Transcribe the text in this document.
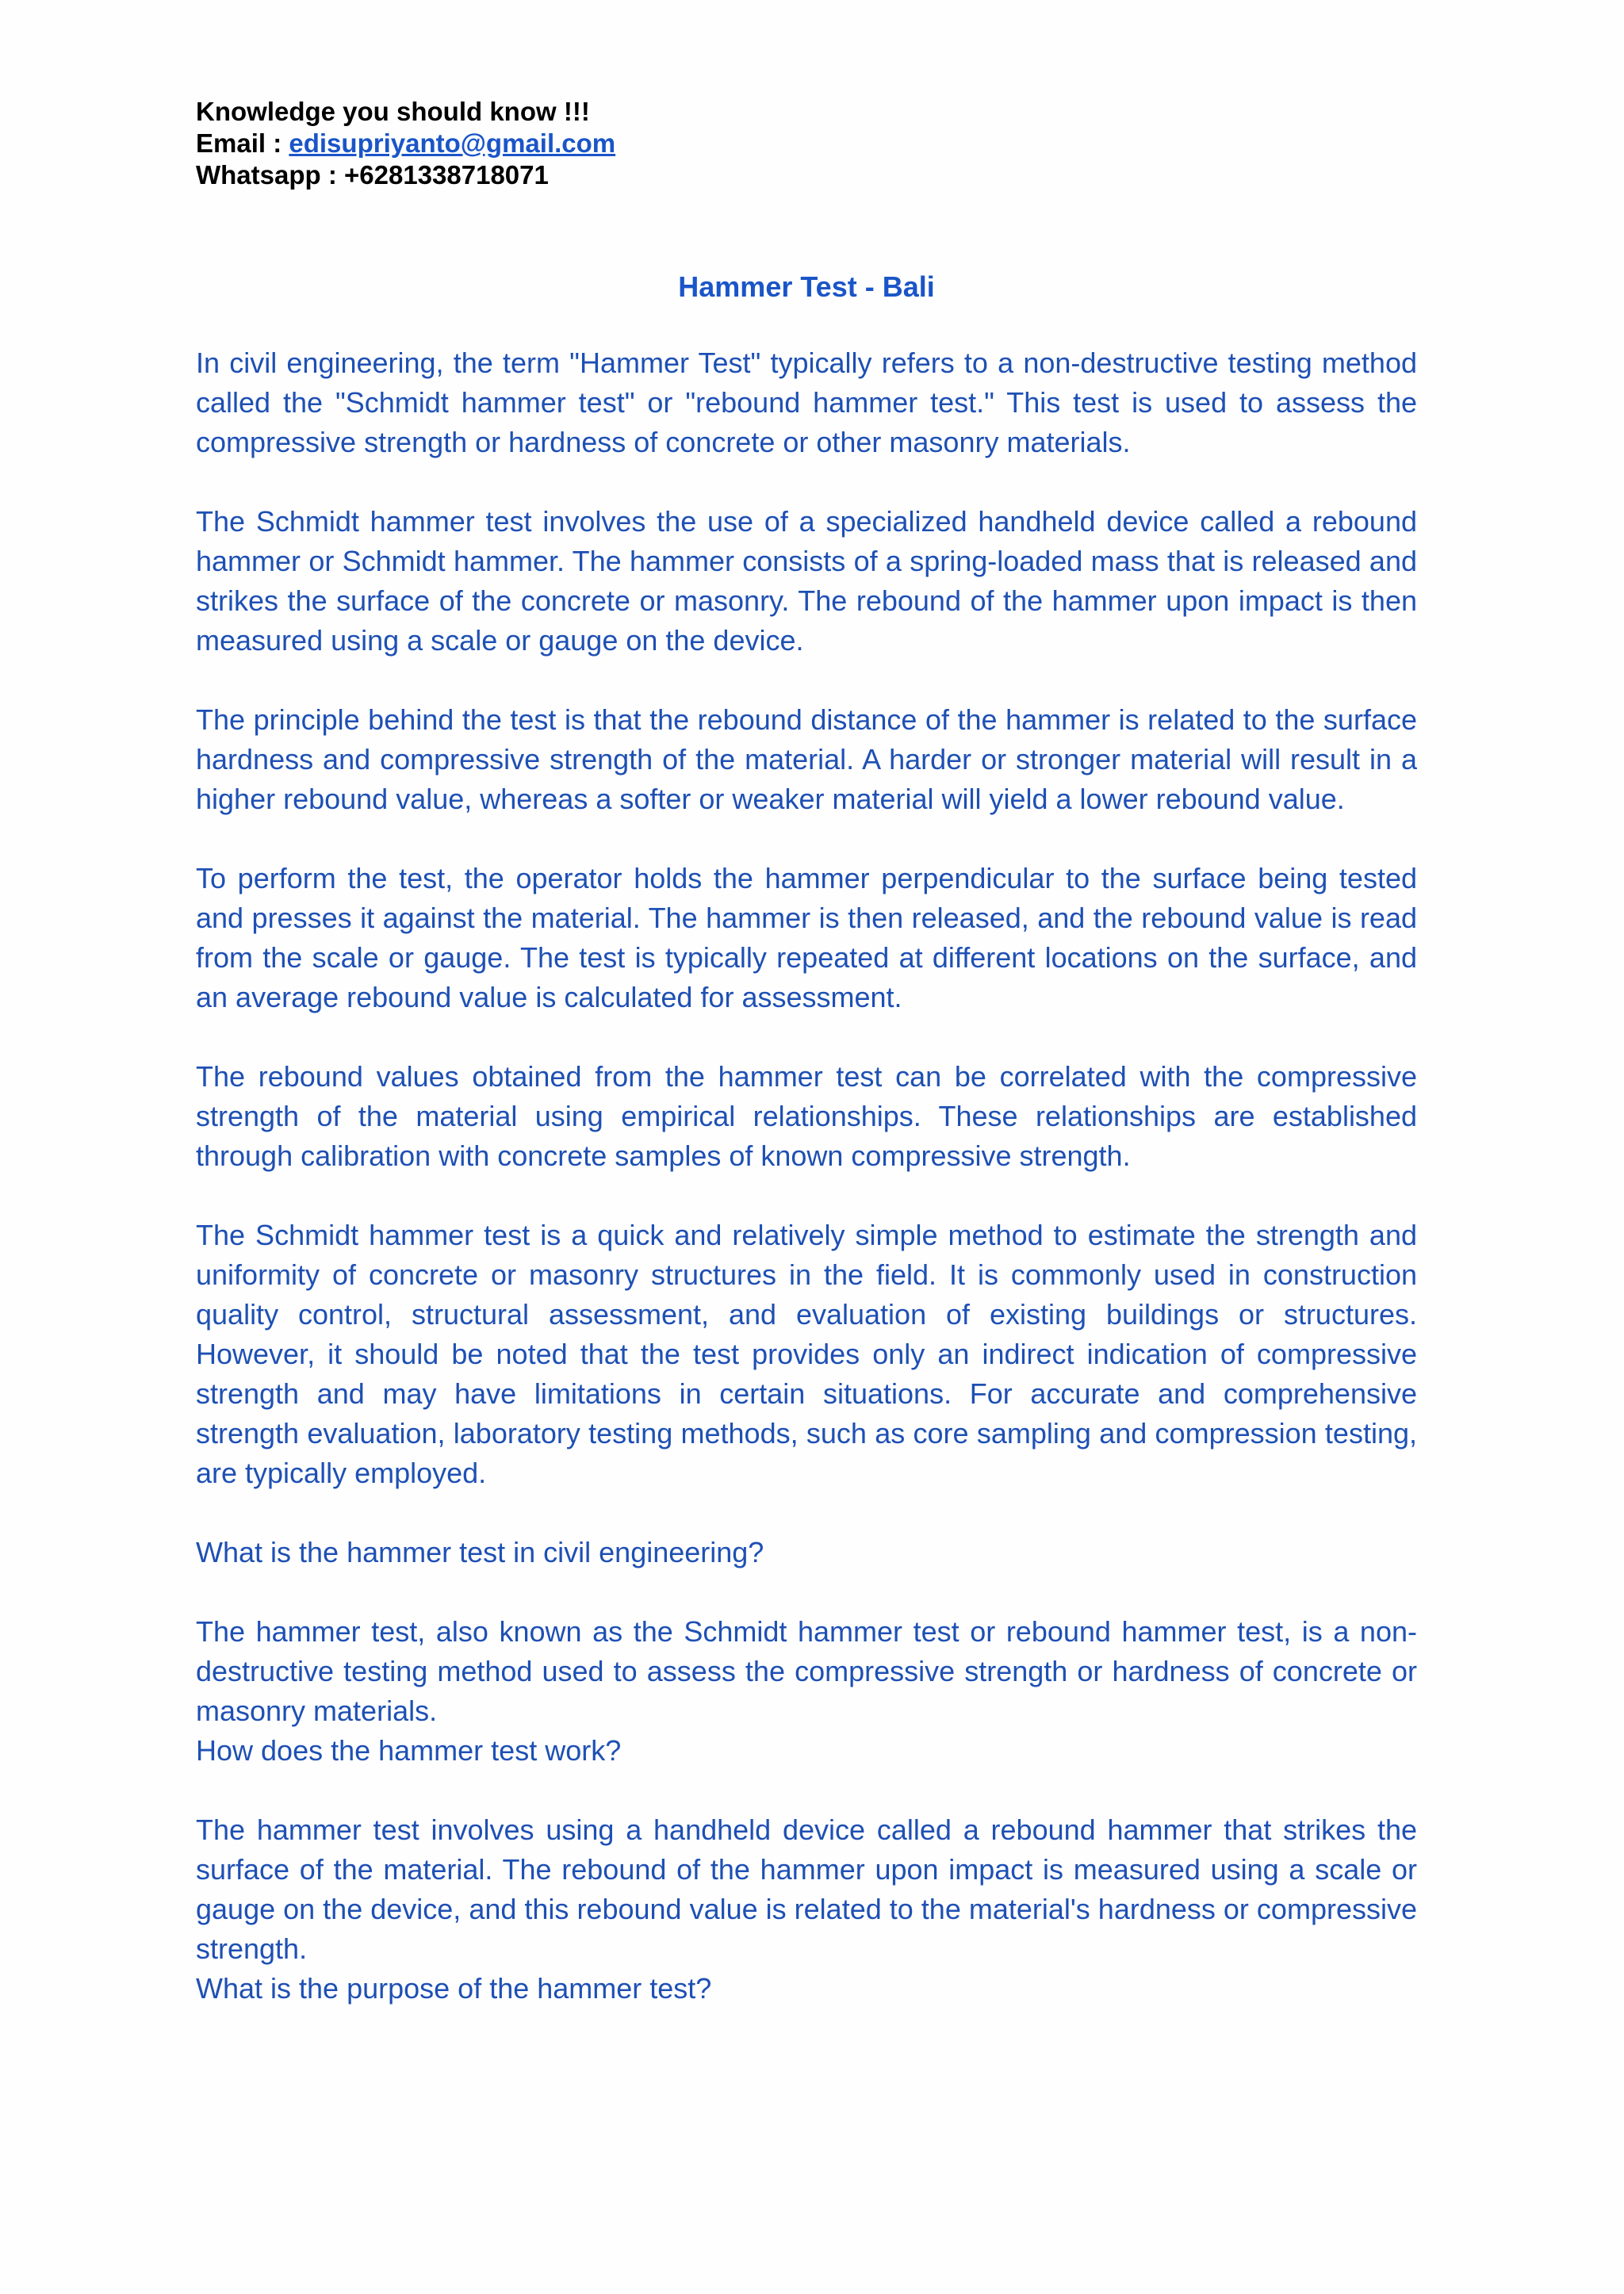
Knowledge you should know !!!
Email : edisupriyanto@gmail.com
Whatsapp : +6281338718071
Hammer Test - Bali

In civil engineering, the term "Hammer Test" typically refers to a non-destructive testing method called the "Schmidt hammer test" or "rebound hammer test." This test is used to assess the compressive strength or hardness of concrete or other masonry materials.

The Schmidt hammer test involves the use of a specialized handheld device called a rebound hammer or Schmidt hammer. The hammer consists of a spring-loaded mass that is released and strikes the surface of the concrete or masonry. The rebound of the hammer upon impact is then measured using a scale or gauge on the device.

The principle behind the test is that the rebound distance of the hammer is related to the surface hardness and compressive strength of the material. A harder or stronger material will result in a higher rebound value, whereas a softer or weaker material will yield a lower rebound value.

To perform the test, the operator holds the hammer perpendicular to the surface being tested and presses it against the material. The hammer is then released, and the rebound value is read from the scale or gauge. The test is typically repeated at different locations on the surface, and an average rebound value is calculated for assessment.

The rebound values obtained from the hammer test can be correlated with the compressive strength of the material using empirical relationships. These relationships are established through calibration with concrete samples of known compressive strength.

The Schmidt hammer test is a quick and relatively simple method to estimate the strength and uniformity of concrete or masonry structures in the field. It is commonly used in construction quality control, structural assessment, and evaluation of existing buildings or structures. However, it should be noted that the test provides only an indirect indication of compressive strength and may have limitations in certain situations. For accurate and comprehensive strength evaluation, laboratory testing methods, such as core sampling and compression testing, are typically employed.

What is the hammer test in civil engineering?

The hammer test, also known as the Schmidt hammer test or rebound hammer test, is a non-destructive testing method used to assess the compressive strength or hardness of concrete or masonry materials.

How does the hammer test work?

The hammer test involves using a handheld device called a rebound hammer that strikes the surface of the material. The rebound of the hammer upon impact is measured using a scale or gauge on the device, and this rebound value is related to the material's hardness or compressive strength.

What is the purpose of the hammer test?
